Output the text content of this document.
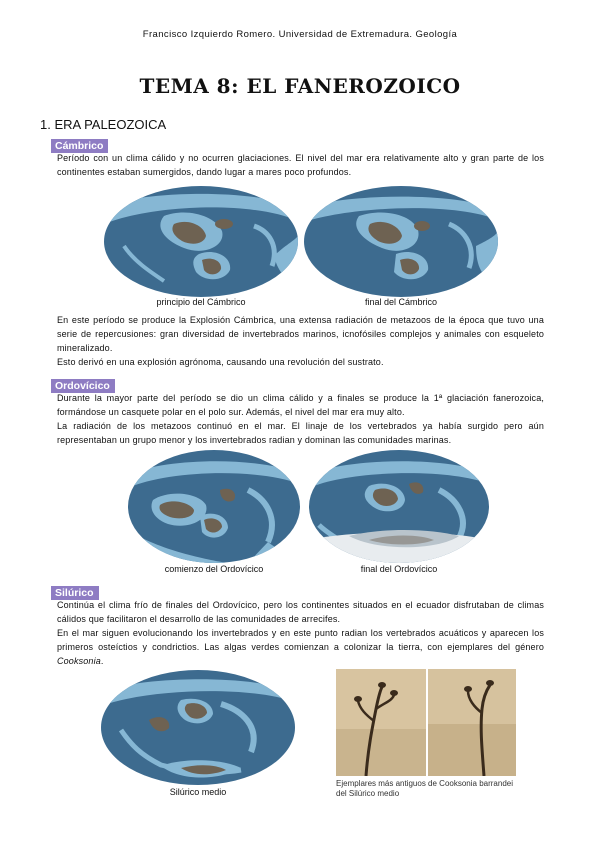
Francisco Izquierdo Romero. Universidad de Extremadura. Geología
TEMA 8: EL FANEROZOICO
1. ERA PALEOZOICA
Cámbrico

Período con un clima cálido y no ocurren glaciaciones. El nivel del mar era relativamente alto y gran parte de los continentes estaban sumergidos, dando lugar a mares poco profundos.

principio del Cámbrico	final del Cámbrico

En este período se produce la Explosión Cámbrica, una extensa radiación de metazoos de la época que tuvo una serie de repercusiones: gran diversidad de invertebrados marinos, icnofósiles complejos y animales con esqueleto mineralizado.

Esto derivó en una explosión agrónoma, causando una revolución del sustrato.

Ordovícico

Durante la mayor parte del período se dio un clima cálido y a finales se produce la 1ª glaciación fanerozoica, formándose un casquete polar en el polo sur. Además, el nivel del mar era muy alto.

La radiación de los metazoos continuó en el mar. El linaje de los vertebrados ya había surgido pero aún representaban un grupo menor y los invertebrados radian y dominan las comunidades marinas.

comienzo del Ordovícico	final del Ordovícico
Silúrico

Continúa el clima frío de finales del Ordovícico, pero los continentes situados en el ecuador disfrutaban de climas cálidos que facilitaron el desarrollo de las comunidades de arrecifes.

En el mar siguen evolucionando los invertebrados y en este punto radian los vertebrados acuáticos y aparecen los primeros osteíctios y condrictios. Las algas verdes comienzan a colonizar la tierra, con ejemplares del género Cooksonia.

Silúrico medio
Ejemplares más antiguos de Cooksonia barrandei
del Silúrico medio
